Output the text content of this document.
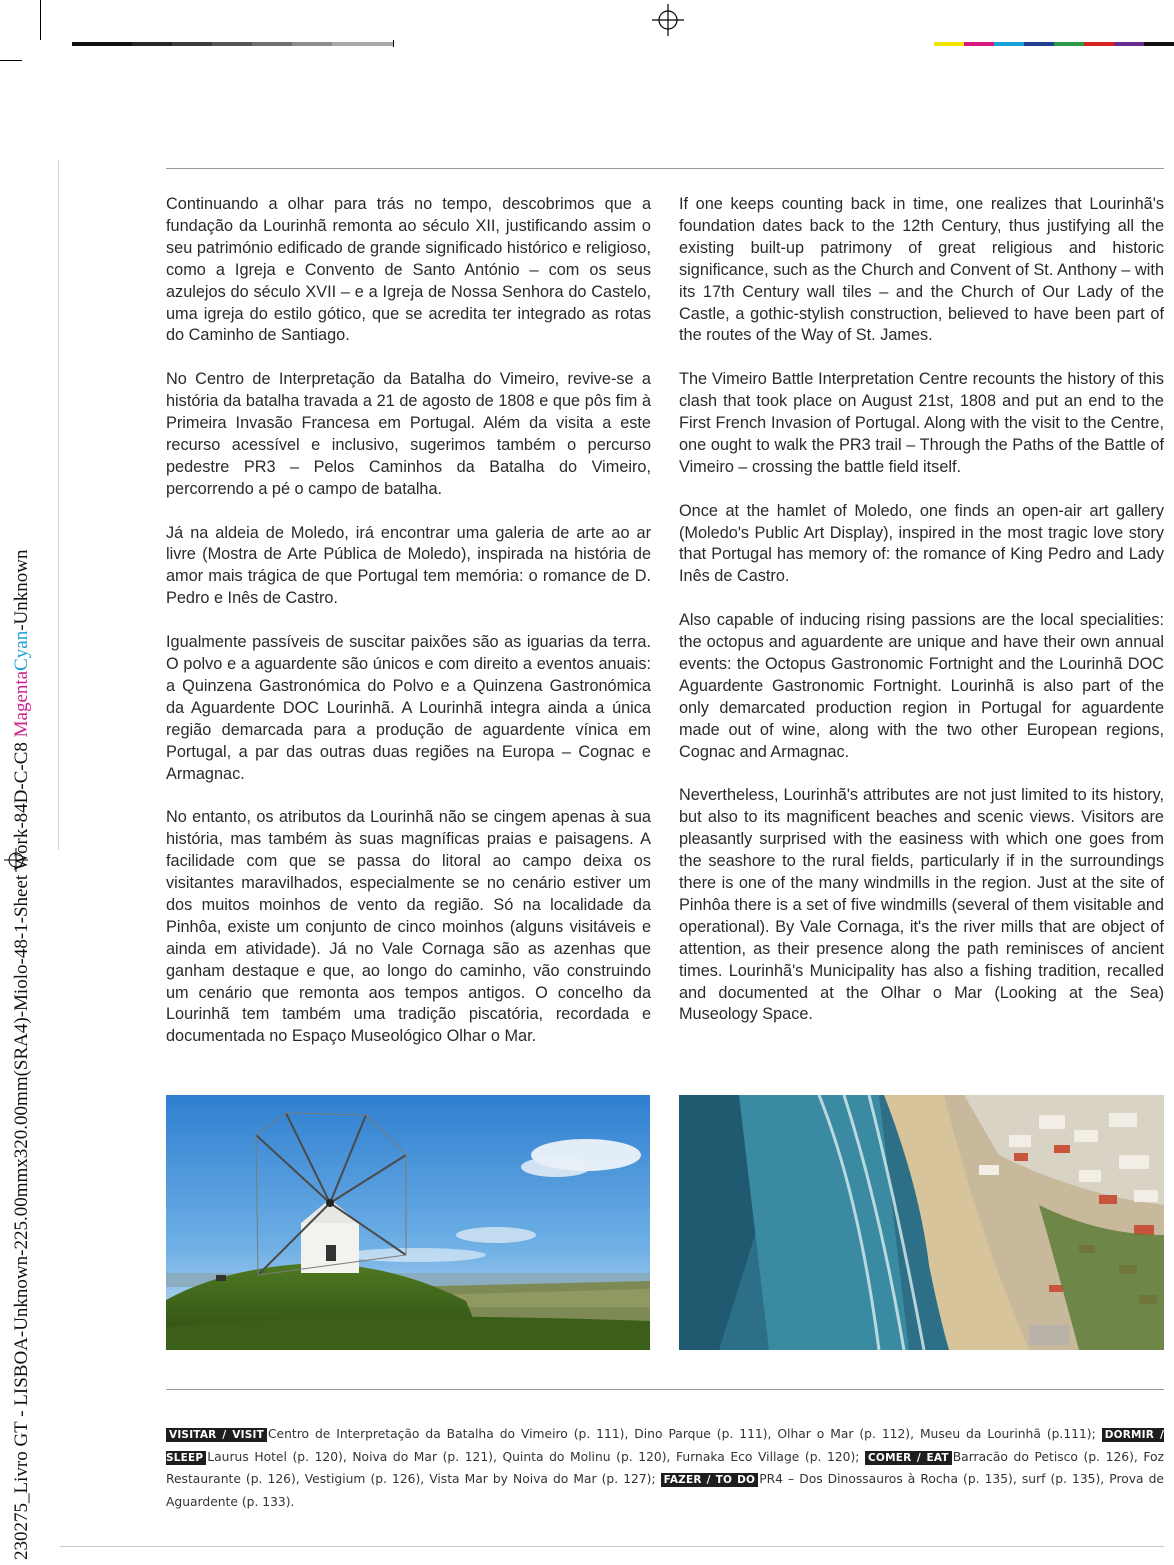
230275_Livro GT - LISBOA-Unknown-225.00mmx320.00mm(SRA4)-Miolo-48-1-Sheet Work-84D-C-C8 MagentaCyan-Unknown

Continuando a olhar para trás no tempo, descobrimos que a fundação da Lourinhã remonta ao século XII, justificando assim o seu património edificado de grande significado histórico e religioso, como a Igreja e Convento de Santo António – com os seus azulejos do século XVII – e a Igreja de Nossa Senhora do Castelo, uma igreja do estilo gótico, que se acredita ter integrado as rotas do Caminho de Santiago.

No Centro de Interpretação da Batalha do Vimeiro, revive-se a história da batalha travada a 21 de agosto de 1808 e que pôs fim à Primeira Invasão Francesa em Portugal. Além da visita a este recurso acessível e inclusivo, sugerimos também o percurso pedestre PR3 – Pelos Caminhos da Batalha do Vimeiro, percorrendo a pé o campo de batalha.

Já na aldeia de Moledo, irá encontrar uma galeria de arte ao ar livre (Mostra de Arte Pública de Moledo), inspirada na história de amor mais trágica de que Portugal tem memória: o romance de D. Pedro e Inês de Castro.

Igualmente passíveis de suscitar paixões são as iguarias da terra. O polvo e a aguardente são únicos e com direito a eventos anuais: a Quinzena Gastronómica do Polvo e a Quinzena Gastronómica da Aguardente DOC Lourinhã. A Lourinhã integra ainda a única região demarcada para a produção de aguardente vínica em Portugal, a par das outras duas regiões na Europa – Cognac e Armagnac.

No entanto, os atributos da Lourinhã não se cingem apenas à sua história, mas também às suas magníficas praias e paisagens. A facilidade com que se passa do litoral ao campo deixa os visitantes maravilhados, especialmente se no cenário estiver um dos muitos moinhos de vento da região. Só na localidade da Pinhôa, existe um conjunto de cinco moinhos (alguns visitáveis e ainda em atividade). Já no Vale Cornaga são as azenhas que ganham destaque e que, ao longo do caminho, vão construindo um cenário que remonta aos tempos antigos. O concelho da Lourinhã tem também uma tradição piscatória, recordada e documentada no Espaço Museológico Olhar o Mar.

If one keeps counting back in time, one realizes that Lourinhã's foundation dates back to the 12th Century, thus justifying all the existing built-up patrimony of great religious and historic significance, such as the Church and Convent of St. Anthony – with its 17th Century wall tiles – and the Church of Our Lady of the Castle, a gothic-stylish construction, believed to have been part of the routes of the Way of St. James.

The Vimeiro Battle Interpretation Centre recounts the history of this clash that took place on August 21st, 1808 and put an end to the First French Invasion of Portugal. Along with the visit to the Centre, one ought to walk the PR3 trail – Through the Paths of the Battle of Vimeiro – crossing the battle field itself.

Once at the hamlet of Moledo, one finds an open-air art gallery (Moledo's Public Art Display), inspired in the most tragic love story that Portugal has memory of: the romance of King Pedro and Lady Inês de Castro.

Also capable of inducing rising passions are the local specialities: the octopus and aguardente are unique and have their own annual events: the Octopus Gastronomic Fortnight and the Lourinhã DOC Aguardente Gastronomic Fortnight. Lourinhã is also part of the only demarcated production region in Portugal for aguardente made out of wine, along with the two other European regions, Cognac and Armagnac.

Nevertheless, Lourinhã's attributes are not just limited to its history, but also to its magnificent beaches and scenic views. Visitors are pleasantly surprised with the easiness with which one goes from the seashore to the rural fields, particularly if in the surroundings there is one of the many windmills in the region. Just at the site of Pinhôa there is a set of five windmills (several of them visitable and operational). By Vale Cornaga, it's the river mills that are object of attention, as their presence along the path reminisces of ancient times. Lourinhã's Municipality has also a fishing tradition, recalled and documented at the Olhar o Mar (Looking at the Sea) Museology Space.

VISITAR / VISIT Centro de Interpretação da Batalha do Vimeiro (p. 111), Dino Parque (p. 111), Olhar o Mar (p. 112), Museu da Lourinhã (p.111); DORMIR / SLEEP Laurus Hotel (p. 120), Noiva do Mar (p. 121), Quinta do Molinu (p. 120), Furnaka Eco Village (p. 120); COMER / EAT Barracão do Petisco (p. 126), Foz Restaurante (p. 126), Vestigium (p. 126), Vista Mar by Noiva do Mar (p. 127); FAZER / TO DO PR4 – Dos Dinossauros à Rocha (p. 135), surf (p. 135), Prova de Aguardente (p. 133).
